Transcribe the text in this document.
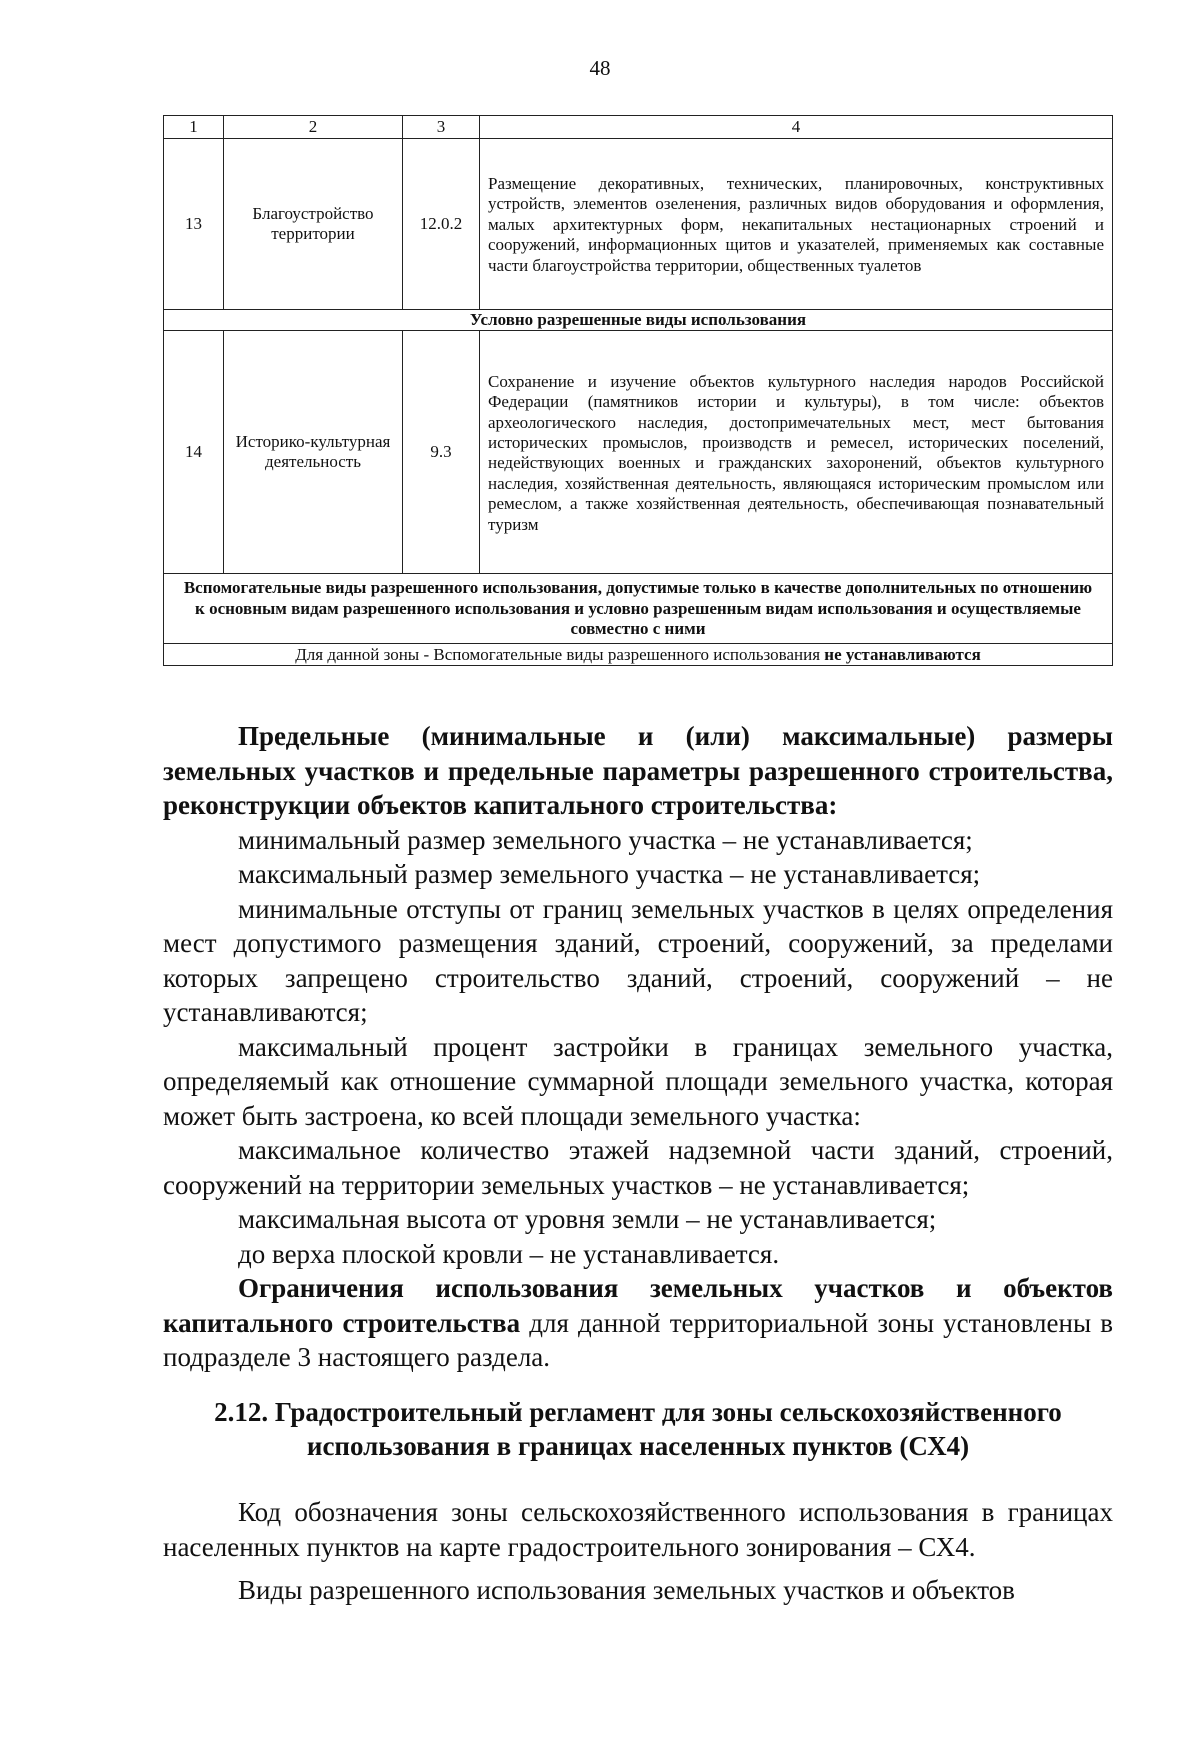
48
1	2	3	4
13	Благоустройство территории	12.0.2	Размещение декоративных, технических, планировочных, конструктивных устройств, элементов озеленения, различных видов оборудования и оформления, малых архитектурных форм, некапитальных нестационарных строений и сооружений, информационных щитов и указателей, применяемых как составные части благоустройства территории, общественных туалетов
Условно разрешенные виды использования			
14	Историко-культурная деятельность	9.3	Сохранение и изучение объектов культурного наследия народов Российской Федерации (памятников истории и культуры), в том числе: объектов археологического наследия, достопримечательных мест, мест бытования исторических промыслов, производств и ремесел, исторических поселений, недействующих военных и гражданских захоронений, объектов культурного наследия, хозяйственная деятельность, являющаяся историческим промыслом или ремеслом, а также хозяйственная деятельность, обеспечивающая познавательный туризм
Вспомогательные виды разрешенного использования, допустимые только в качестве дополнительных по отношению к основным видам разрешенного использования и условно разрешенным видам использования и осуществляемые совместно с ними			
Для данной зоны - Вспомогательные виды разрешенного использования не устанавливаются			

Предельные (минимальные и (или) максимальные) размеры земельных участков и предельные параметры разрешенного строительства, реконструкции объектов капитального строительства:

минимальный размер земельного участка – не устанавливается;

максимальный размер земельного участка – не устанавливается;

минимальные отступы от границ земельных участков в целях определения мест допустимого размещения зданий, строений, сооружений, за пределами которых запрещено строительство зданий, строений, сооружений – не устанавливаются;

максимальный процент застройки в границах земельного участка, определяемый как отношение суммарной площади земельного участка, которая может быть застроена, ко всей площади земельного участка:

максимальное количество этажей надземной части зданий, строений, сооружений на территории земельных участков – не устанавливается;

максимальная высота от уровня земли – не устанавливается;

до верха плоской кровли – не устанавливается.

Ограничения использования земельных участков и объектов капитального строительства для данной территориальной зоны установлены в подразделе 3 настоящего раздела.

2.12. Градостроительный регламент для зоны сельскохозяйственного использования в границах населенных пунктов (СХ4)

Код обозначения зоны сельскохозяйственного использования в границах населенных пунктов на карте градостроительного зонирования – СХ4.

Виды разрешенного использования земельных участков и объектов
